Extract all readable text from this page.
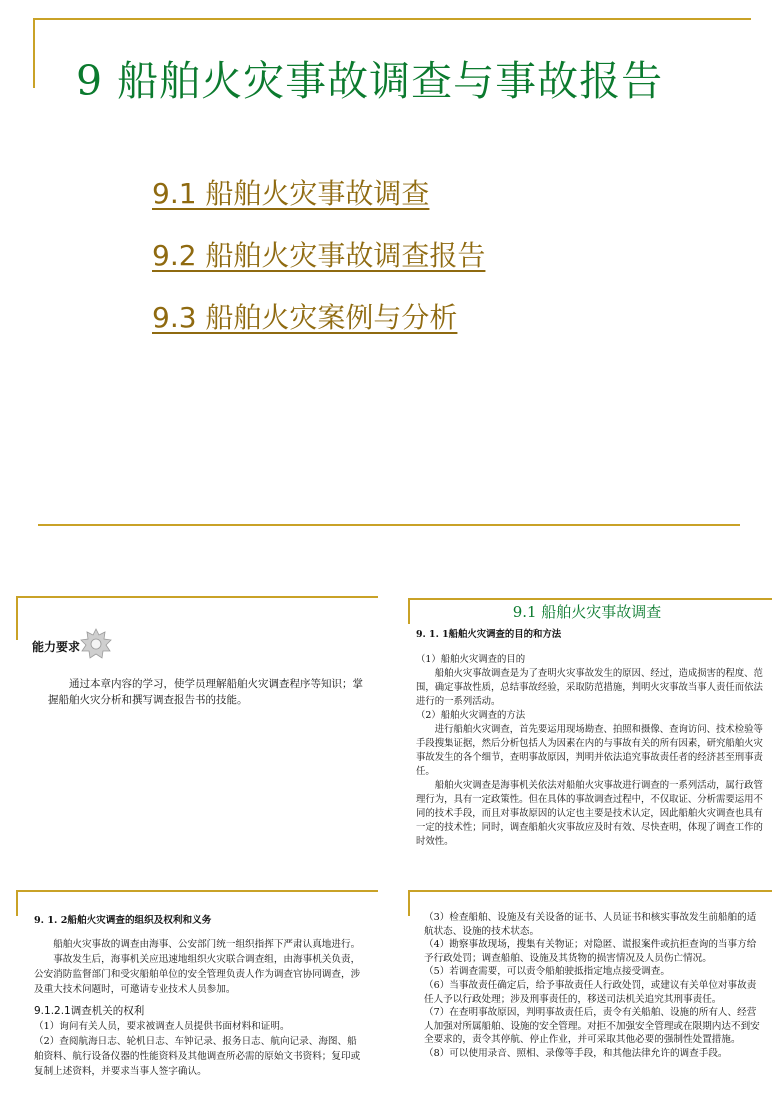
9 船舶火灾事故调查与事故报告
9.1 船舶火灾事故调查
9.2 船舶火灾事故调查报告
9.3 船舶火灾案例与分析
能力要求

通过本章内容的学习，使学员理解船舶火灾调查程序等知识；掌握船舶火灾分析和撰写调查报告书的技能。

9.1 船舶火灾事故调查

9. 1. 1船舶火灾调查的目的和方法

（1）船舶火灾调查的目的

船舶火灾事故调查是为了查明火灾事故发生的原因、经过，造成损害的程度、范围，确定事故性质，总结事故经验，采取防范措施，判明火灾事故当事人责任而依法进行的一系列活动。

（2）船舶火灾调查的方法

进行船舶火灾调查，首先要运用现场勘查、拍照和摄像、查询访问、技术检验等手段搜集证据，然后分析包括人为因素在内的与事故有关的所有因素，研究船舶火灾事故发生的各个细节，查明事故原因，判明并依法追究事故责任者的经济甚至刑事责任。

船舶火灾调查是海事机关依法对船舶火灾事故进行调查的一系列活动，属行政管理行为，具有一定政策性。但在具体的事故调查过程中，不仅取证、分析需要运用不同的技术手段，而且对事故原因的认定也主要是技术认定，因此船舶火灾调查也具有一定的技术性；同时，调查船舶火灾事故应及时有效、尽快查明，体现了调查工作的时效性。

9. 1. 2船舶火灾调查的组织及权利和义务

船舶火灾事故的调查由海事、公安部门统一组织指挥下严肃认真地进行。

事故发生后，海事机关应迅速地组织火灾联合调查组，由海事机关负责，公安消防监督部门和受灾船舶单位的安全管理负责人作为调查官协同调查，涉及重大技术问题时，可邀请专业技术人员参加。

9.1.2.1调查机关的权利

（1）询问有关人员，要求被调查人员提供书面材料和证明。

（2）查阅航海日志、轮机日志、车钟记录、报务日志、航向记录、海图、船舶资料、航行设备仪器的性能资料及其他调查所必需的原始文书资料；复印或复制上述资料，并要求当事人签字确认。

（3）检查船舶、设施及有关设备的证书、人员证书和核实事故发生前船舶的适航状态、设施的技术状态。

（4）勘察事故现场，搜集有关物证；对隐匿、谎报案件或抗拒查询的当事方给予行政处罚；调查船舶、设施及其货物的损害情况及人员伤亡情况。

（5）若调查需要，可以责令船舶驶抵指定地点接受调查。

（6）当事故责任确定后，给予事故责任人行政处罚，或建议有关单位对事故责任人予以行政处理；涉及刑事责任的，移送司法机关追究其刑事责任。

（7）在查明事故原因，判明事故责任后，责令有关船舶、设施的所有人、经营人加强对所属船舶、设施的安全管理。对拒不加强安全管理或在限期内达不到安全要求的，责令其停航、停止作业，并可采取其他必要的强制性处置措施。

（8）可以使用录音、照相、录像等手段，和其他法律允许的调查手段。
